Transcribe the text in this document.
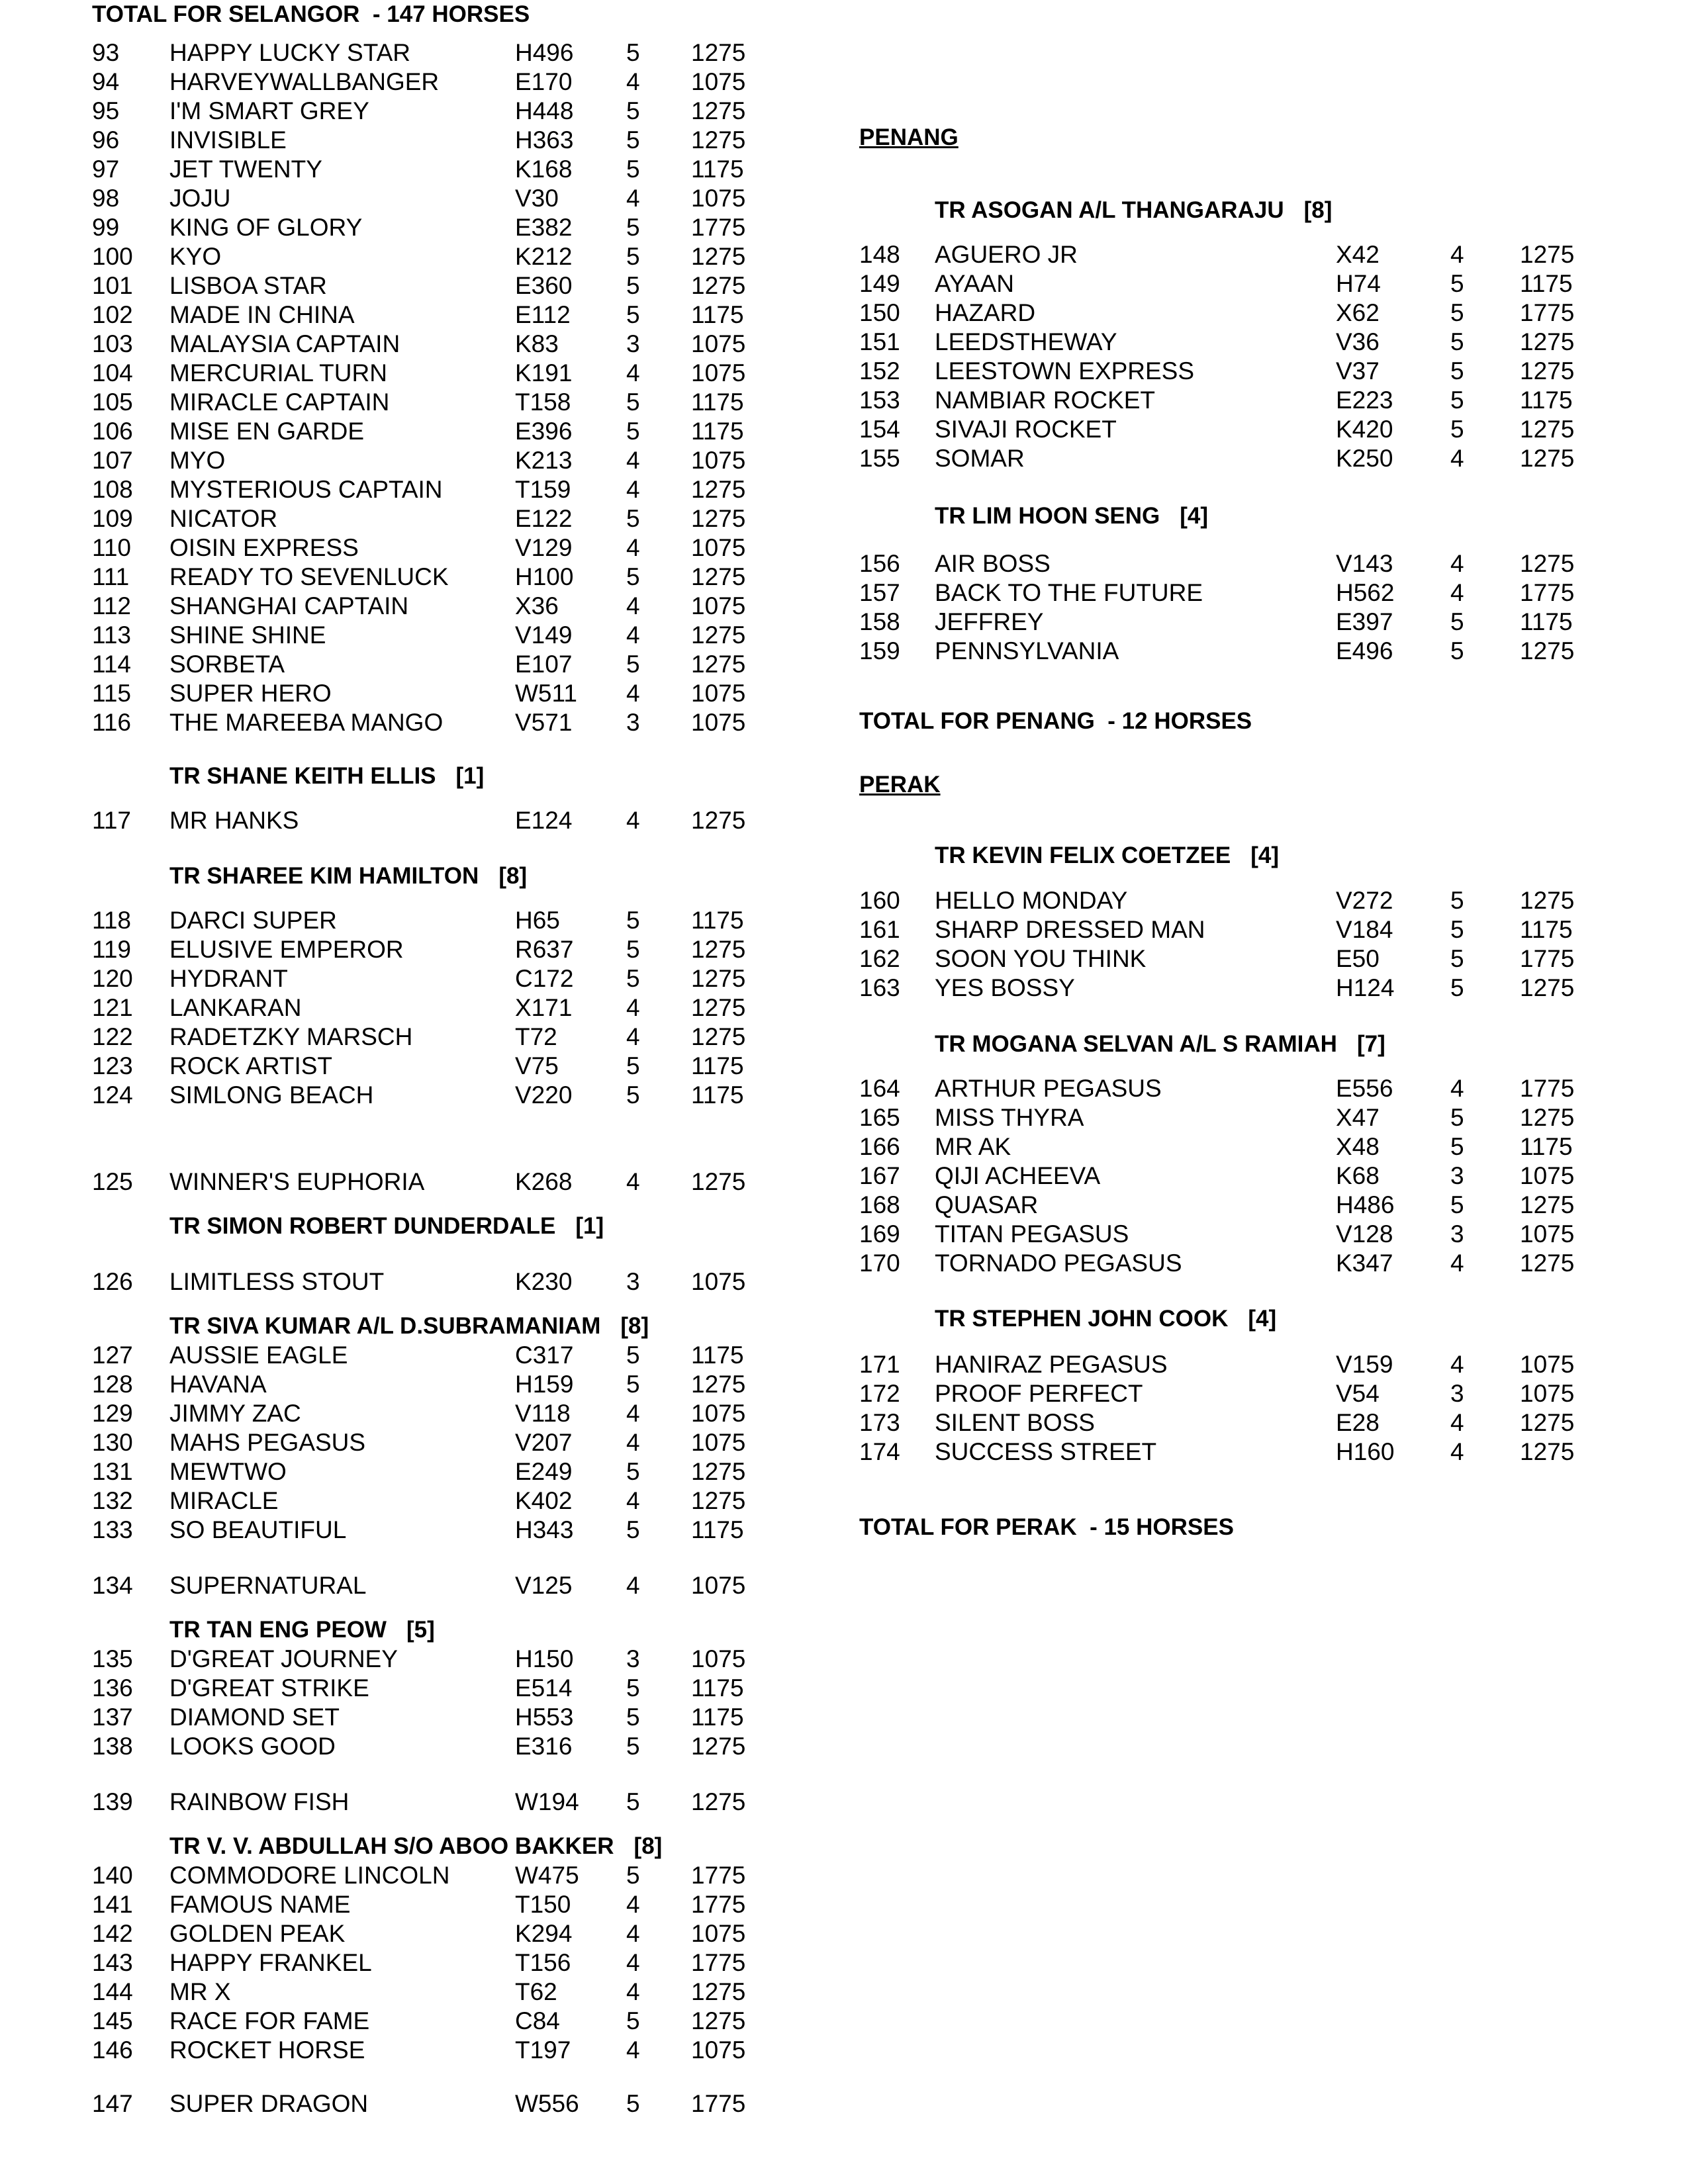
93 HAPPY LUCKY STAR	H496 5 1275
94 HARVEYWALLBANGER	E170 4 1075
95 I'M SMART GREY	H448 5 1275
96 INVISIBLE	H363 5 1275
97 JET TWENTY	K168 5 1175
98 JOJU	V30	4 1075
99 KING OF GLORY	E382 5 1775
100 KYO	K212 5 1275
101 LISBOA STAR	E360 5 1275
102 MADE IN CHINA	E112 5 1175
103 MALAYSIA CAPTAIN	K83	3 1075
104 MERCURIAL TURN	K191 4 1075
105 MIRACLE CAPTAIN	T158 5 1175
106 MISE EN GARDE	E396 5 1175
107 MYO	K213 4 1075
108 MYSTERIOUS CAPTAIN	T159 4 1275
109 NICATOR	E122 5 1275
110 OISIN EXPRESS	V129 4 1075
111 READY TO SEVENLUCK	H100 5 1275
112 SHANGHAI CAPTAIN	X36	4 1075
113 SHINE SHINE	V149 4 1275
114 SORBETA	E107 5 1275
115 SUPER HERO	W511 4 1075
116 THE MAREEBA MANGO	V571 3 1075
TR SHANE KEITH ELLIS [1]
117 MR HANKS	E124 4 1275
TR SHAREE KIM HAMILTON [8]
118 DARCI SUPER	H65	5 1175
119 ELUSIVE EMPEROR	R637 5 1275
120 HYDRANT	C172 5 1275
121 LANKARAN	X171 4 1275
122 RADETZKY MARSCH	T72	4 1275
123 ROCK ARTIST	V75	5 1175
124 SIMLONG BEACH	V220 5 1175
125 WINNER'S EUPHORIA	K268 4 1275
TR SIMON ROBERT DUNDERDALE [1]
126 LIMITLESS STOUT	K230 3 1075
TR SIVA KUMAR A/L D.SUBRAMANIAM [8]
127 AUSSIE EAGLE	C317 5 1175
128 HAVANA	H159 5 1275
129 JIMMY ZAC	V118 4 1075
130 MAHS PEGASUS	V207 4 1075
131 MEWTWO	E249 5 1275
132 MIRACLE	K402 4 1275
133 SO BEAUTIFUL	H343 5 1175
134 SUPERNATURAL	V125 4 1075
TR TAN ENG PEOW [5]
135 D'GREAT JOURNEY	H150 3 1075
136 D'GREAT STRIKE	E514 5 1175
137 DIAMOND SET	H553 5 1175
138 LOOKS GOOD	E316 5 1275
139 RAINBOW FISH	W194 5 1275
TR V. V. ABDULLAH S/O ABOO BAKKER [8]
140 COMMODORE LINCOLN	W475 5 1775
141 FAMOUS NAME	T150 4 1775
142 GOLDEN PEAK	K294 4 1075
143 HAPPY FRANKEL	T156 4 1775
144 MR X	T62	4 1275
145 RACE FOR FAME	C84	5 1275
146 ROCKET HORSE	T197 4 1075
147 SUPER DRAGON	W556 5 1775
TOTAL FOR SELANGOR  - 147 HORSES
PENANG
TR ASOGAN A/L THANGARAJU [8]
148 AGUERO JR	X42	4 1275
149 AYAAN	H74	5 1175
150 HAZARD	X62	5 1775
151 LEEDSTHEWAY	V36	5 1275
152 LEESTOWN EXPRESS	V37	5 1275
153 NAMBIAR ROCKET	E223 5 1175
154 SIVAJI ROCKET	K420 5 1275
155 SOMAR	K250 4 1275
TR LIM HOON SENG [4]
156 AIR BOSS	V143 4 1275
157 BACK TO THE FUTURE	H562 4 1775
158 JEFFREY	E397 5 1175
159 PENNSYLVANIA	E496 5 1275
TOTAL FOR PENANG  - 12 HORSES
PERAK
TR KEVIN FELIX COETZEE [4]
160 HELLO MONDAY	V272 5 1275
161 SHARP DRESSED MAN	V184 5 1175
162 SOON YOU THINK	E50	5 1775
163 YES BOSSY	H124 5 1275
TR MOGANA SELVAN A/L S RAMIAH [7]
164 ARTHUR PEGASUS	E556 4 1775
165 MISS THYRA	X47	5 1275
166 MR AK	X48	5 1175
167 QIJI ACHEEVA	K68	3 1075
168 QUASAR	H486 5 1275
169 TITAN PEGASUS	V128 3 1075
170 TORNADO PEGASUS	K347 4 1275
TR STEPHEN JOHN COOK [4]
171 HANIRAZ PEGASUS	V159 4 1075
172 PROOF PERFECT	V54	3 1075
173 SILENT BOSS	E28	4 1275
174 SUCCESS STREET	H160 4 1275
TOTAL FOR PERAK  - 15 HORSES
